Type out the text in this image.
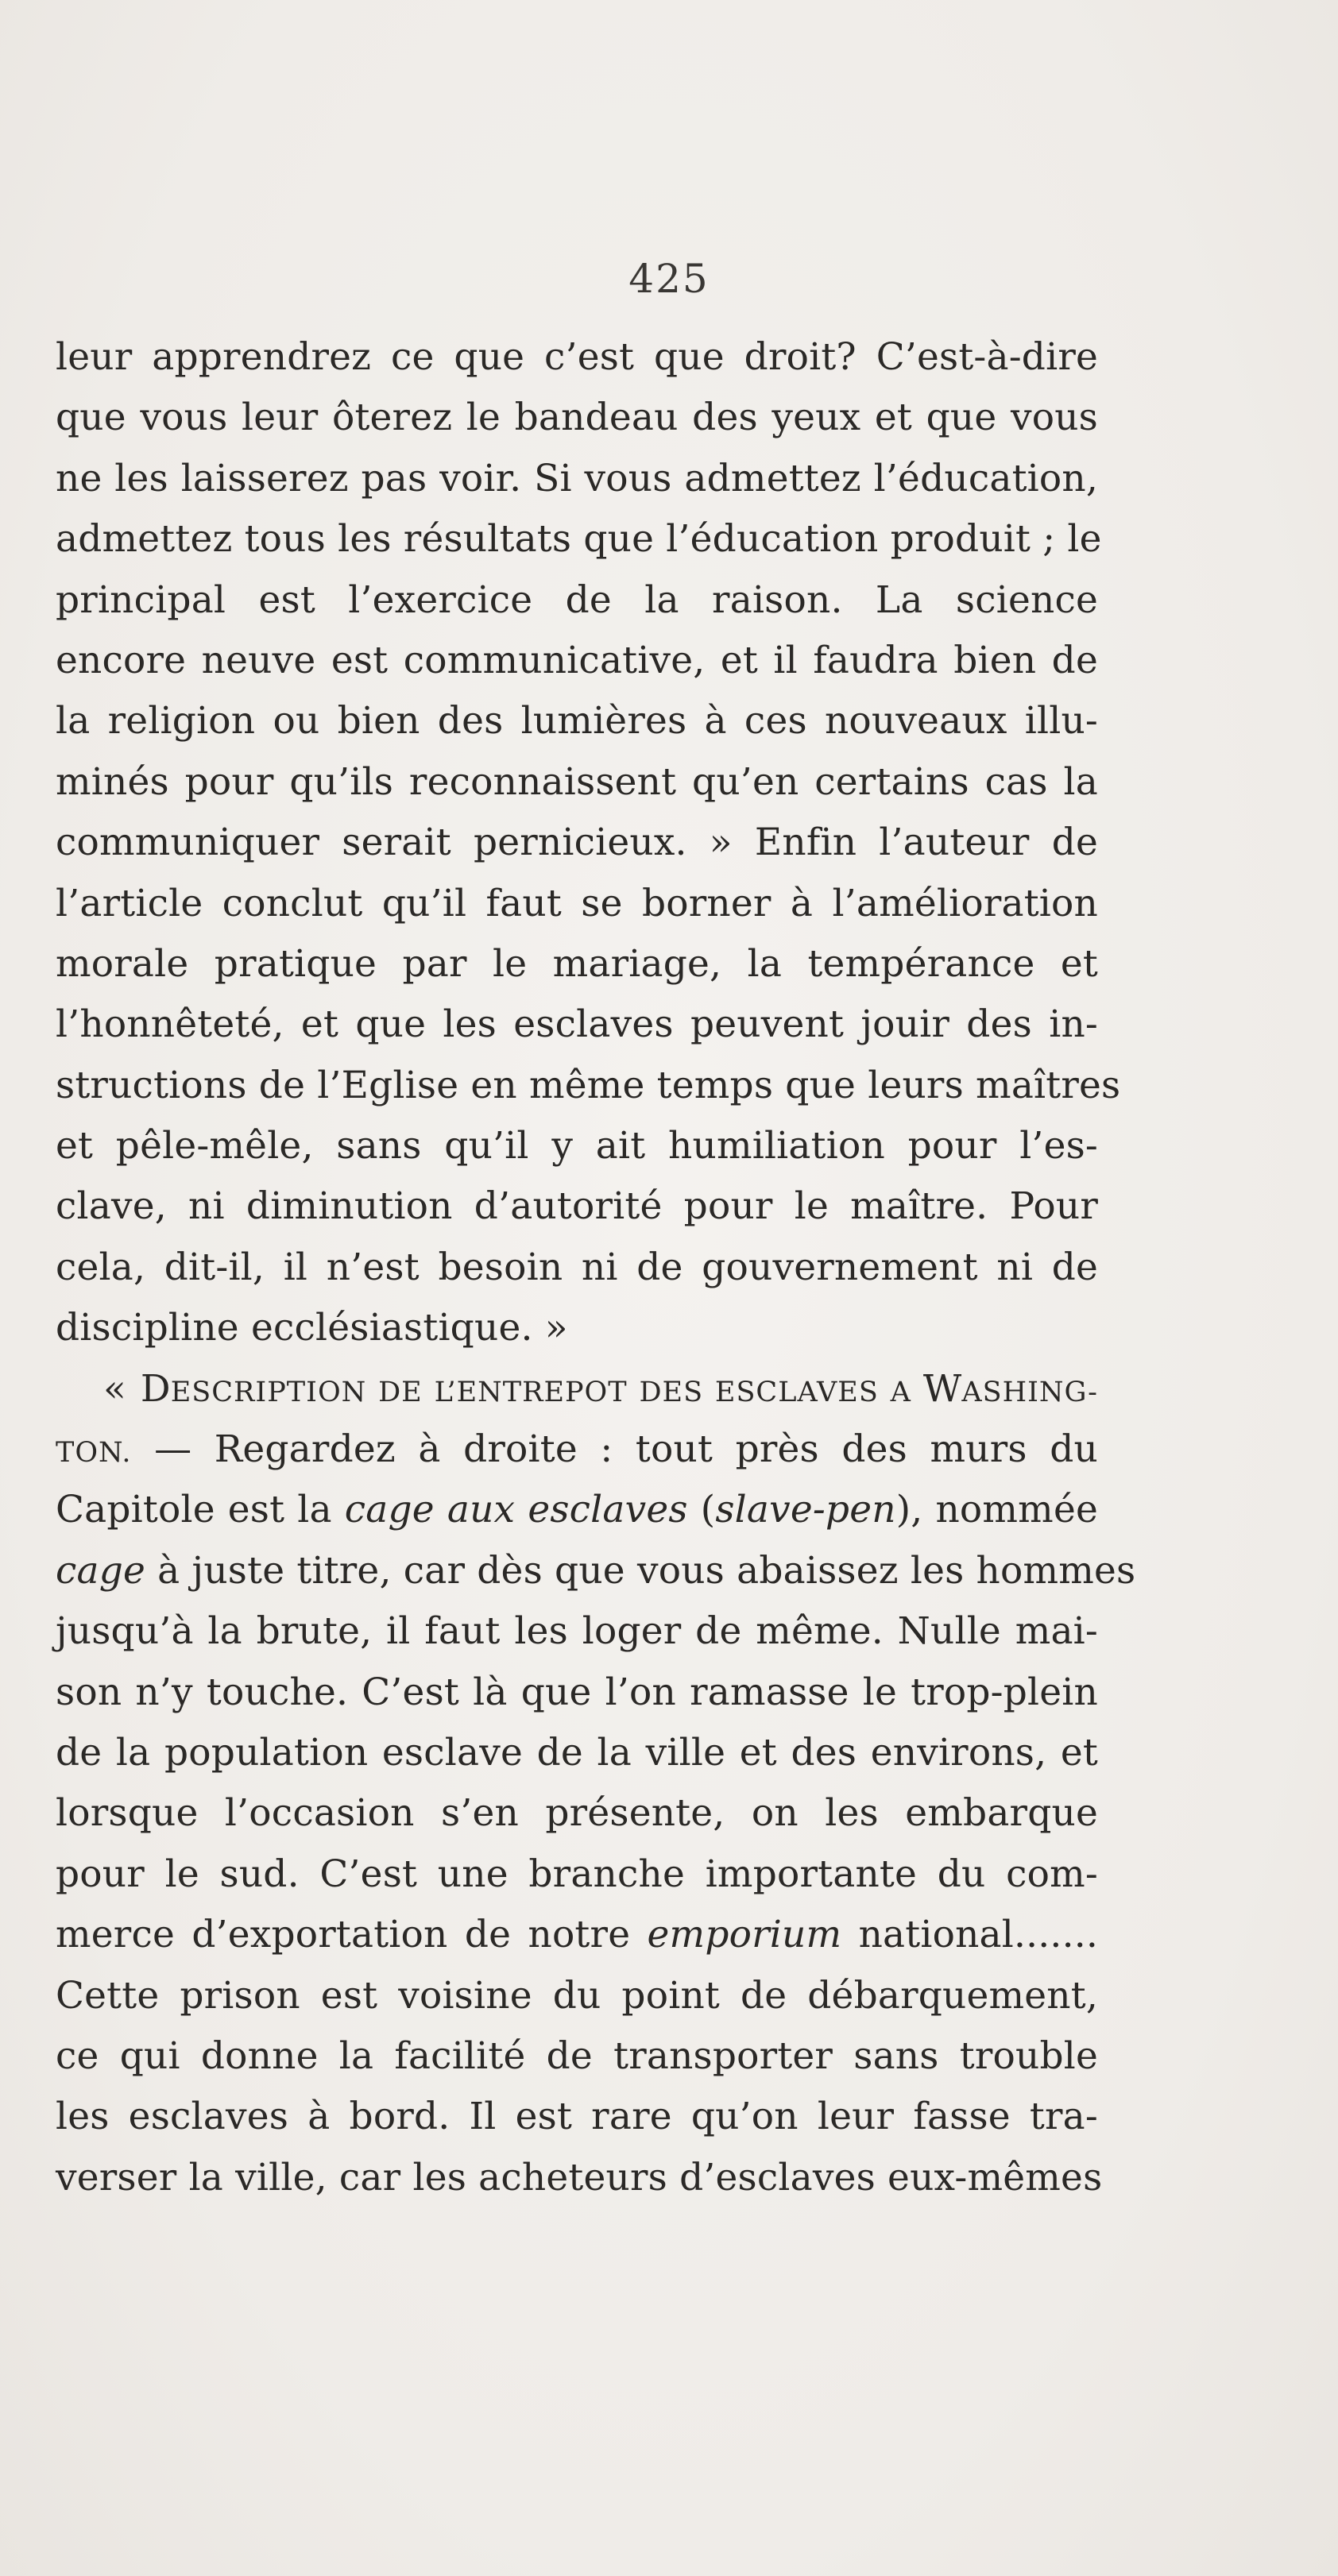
425
leur apprendrez ce que c’est que droit? C’est-à-dire
que vous leur ôterez le bandeau des yeux et que vous
ne les laisserez pas voir. Si vous admettez l’éducation,
admettez tous les résultats que l’éducation produit ; le
principal est l’exercice de la raison. La science
encore neuve est communicative, et il faudra bien de
la religion ou bien des lumières à ces nouveaux illu-
minés pour qu’ils reconnaissent qu’en certains cas la
communiquer serait pernicieux. » Enfin l’auteur de
l’article conclut qu’il faut se borner à l’amélioration
morale pratique par le mariage, la tempérance et
l’honnêteté, et que les esclaves peuvent jouir des in-
structions de l’Eglise en même temps que leurs maîtres
et pêle-mêle, sans qu’il y ait humiliation pour l’es-
clave, ni diminution d’autorité pour le maître. Pour
cela, dit-il, il n’est besoin ni de gouvernement ni de
discipline ecclésiastique. »
« DESCRIPTION DE L’ENTREPOT DES ESCLAVES A WASHING-
TON. — Regardez à droite : tout près des murs du
Capitole est la cage aux esclaves (slave-pen), nommée
cage à juste titre, car dès que vous abaissez les hommes
jusqu’à la brute, il faut les loger de même. Nulle mai-
son n’y touche. C’est là que l’on ramasse le trop-plein
de la population esclave de la ville et des environs, et
lorsque l’occasion s’en présente, on les embarque
pour le sud. C’est une branche importante du com-
merce d’exportation de notre emporium national.......
Cette prison est voisine du point de débarquement,
ce qui donne la facilité de transporter sans trouble
les esclaves à bord. Il est rare qu’on leur fasse tra-
verser la ville, car les acheteurs d’esclaves eux-mêmes
